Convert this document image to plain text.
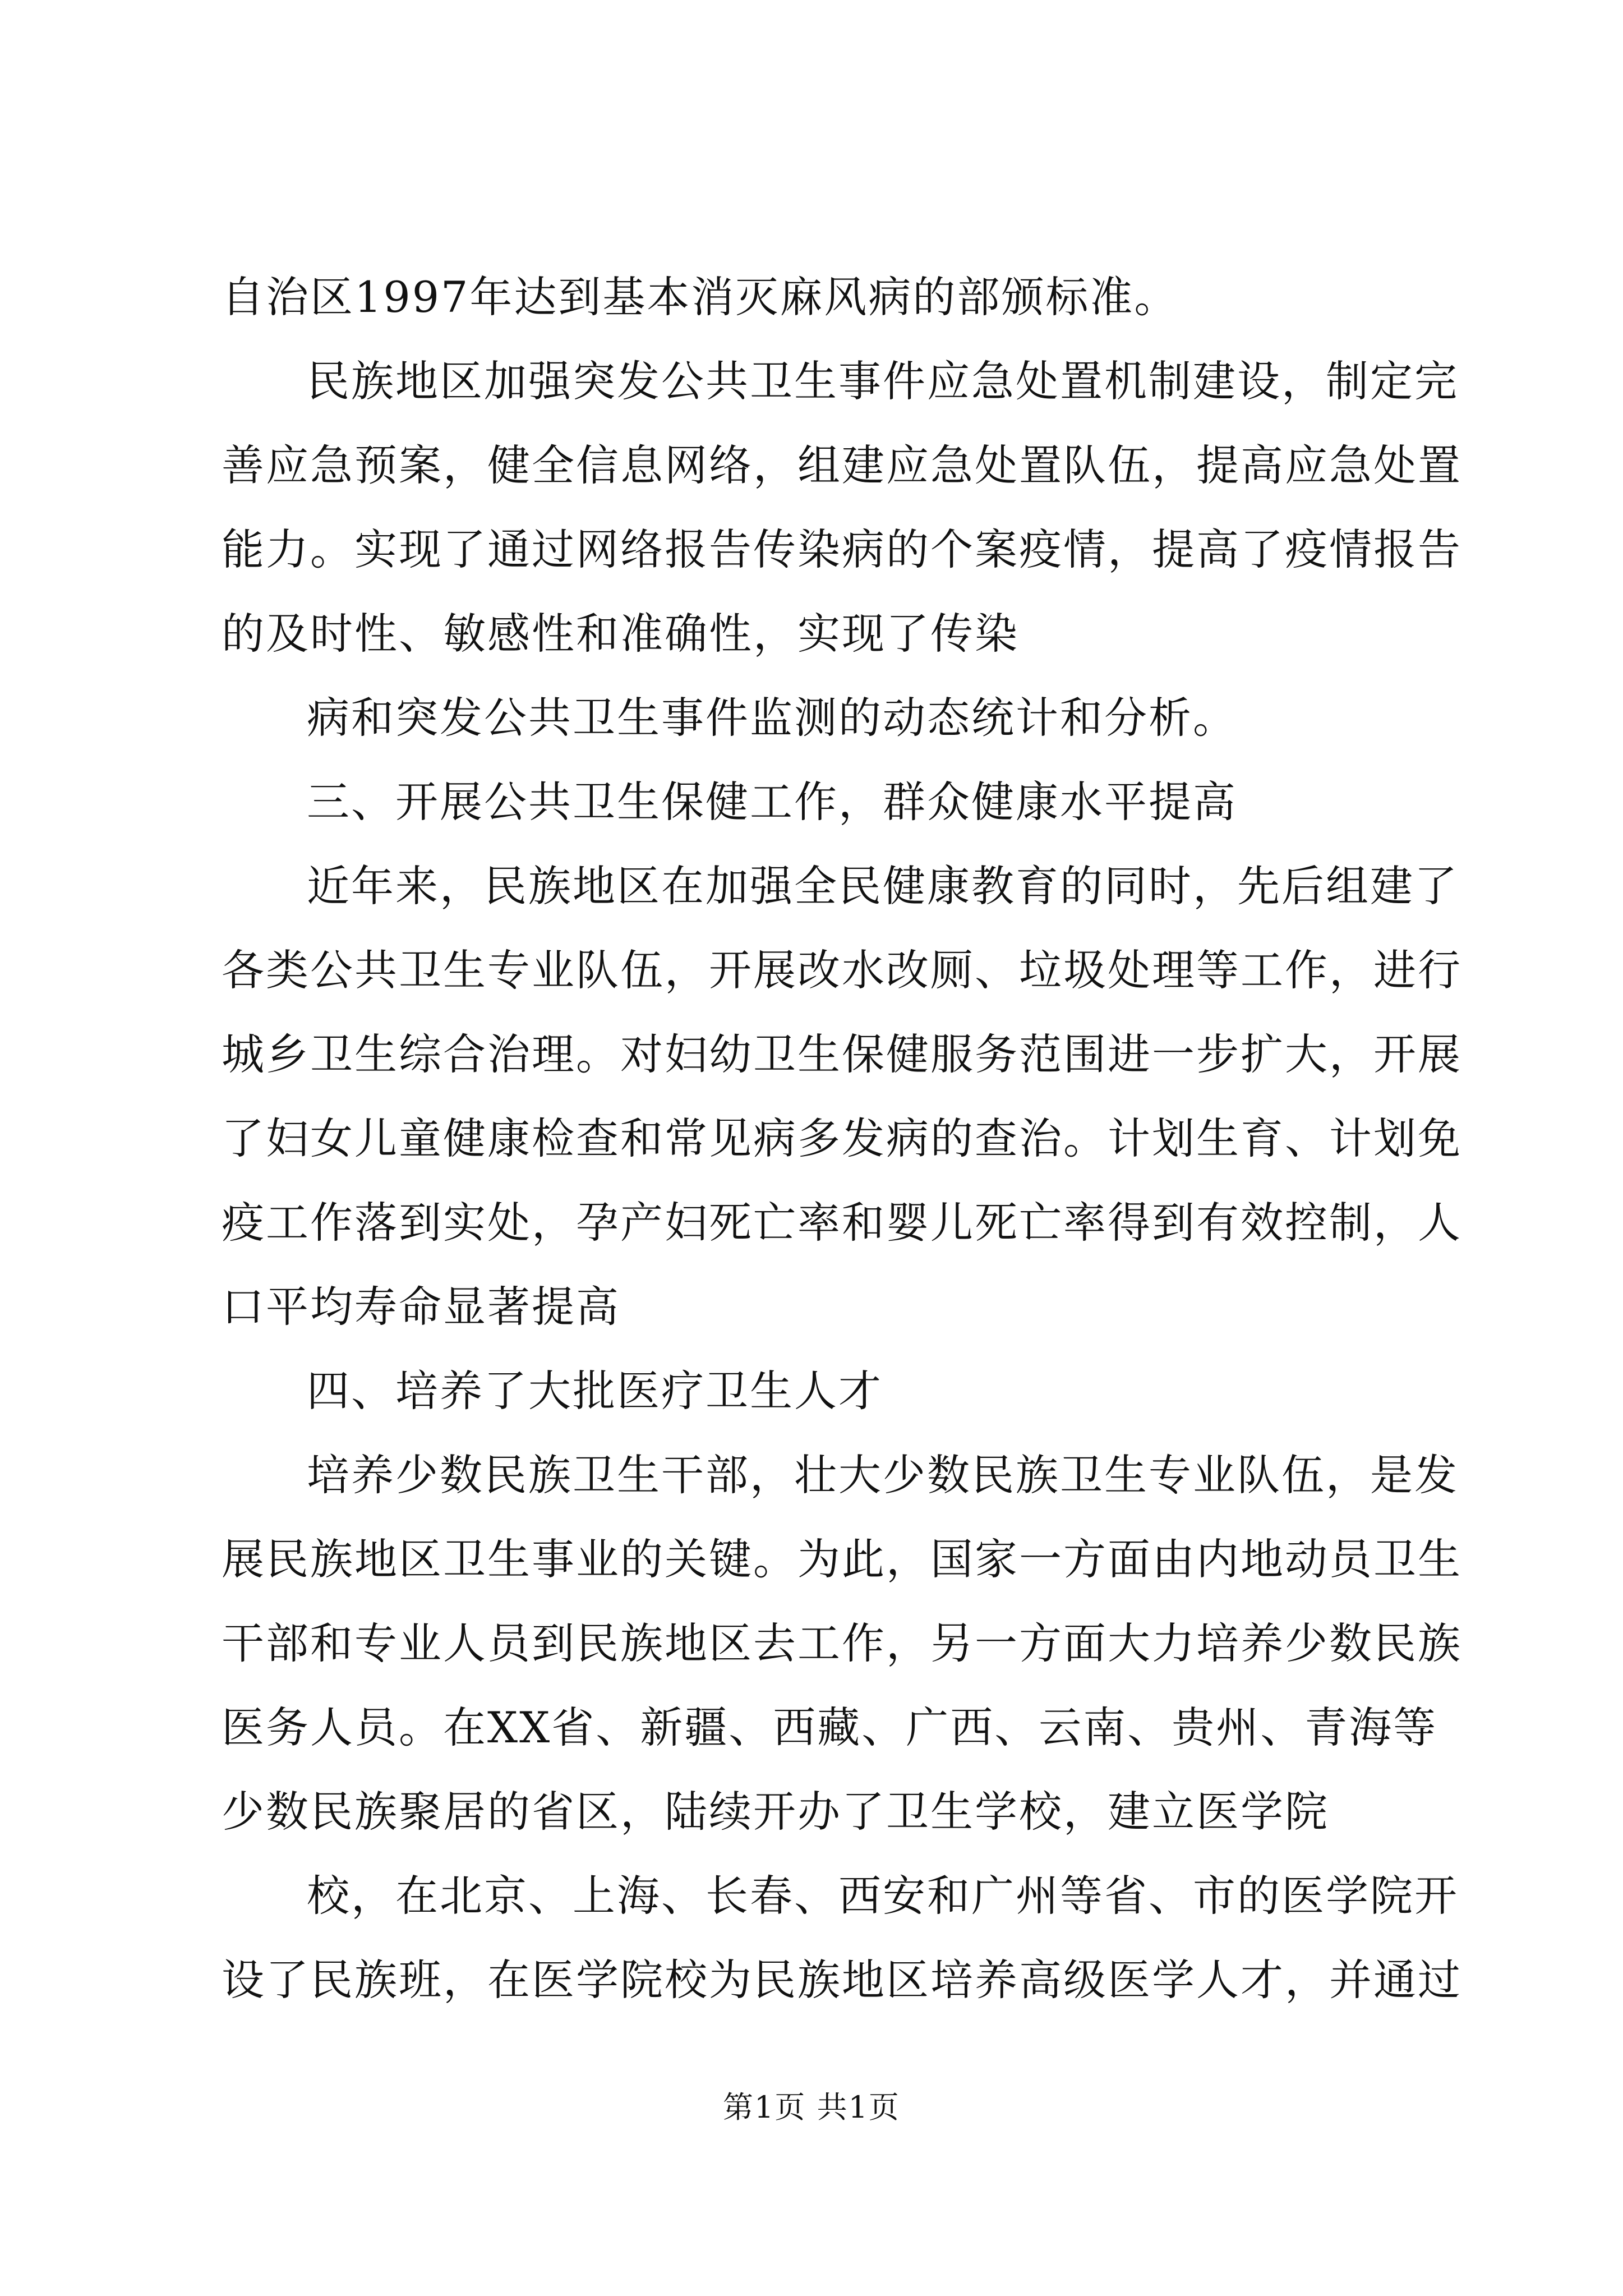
自治区1997年达到基本消灭麻风病的部颁标准。
民族地区加强突发公共卫生事件应急处置机制建设，制定完
善应急预案，健全信息网络，组建应急处置队伍，提高应急处置
能力。实现了通过网络报告传染病的个案疫情，提高了疫情报告
的及时性、敏感性和准确性，实现了传染
病和突发公共卫生事件监测的动态统计和分析。
三、开展公共卫生保健工作，群众健康水平提高
近年来，民族地区在加强全民健康教育的同时，先后组建了
各类公共卫生专业队伍，开展改水改厕、垃圾处理等工作，进行
城乡卫生综合治理。对妇幼卫生保健服务范围进一步扩大，开展
了妇女儿童健康检查和常见病多发病的查治。计划生育、计划免
疫工作落到实处，孕产妇死亡率和婴儿死亡率得到有效控制，人
口平均寿命显著提高
四、培养了大批医疗卫生人才
培养少数民族卫生干部，壮大少数民族卫生专业队伍，是发
展民族地区卫生事业的关键。为此，国家一方面由内地动员卫生
干部和专业人员到民族地区去工作，另一方面大力培养少数民族
医务人员。在XX省、新疆、西藏、广西、云南、贵州、青海等
少数民族聚居的省区，陆续开办了卫生学校，建立医学院
校，在北京、上海、长春、西安和广州等省、市的医学院开
设了民族班，在医学院校为民族地区培养高级医学人才，并通过
第1页 共1页
